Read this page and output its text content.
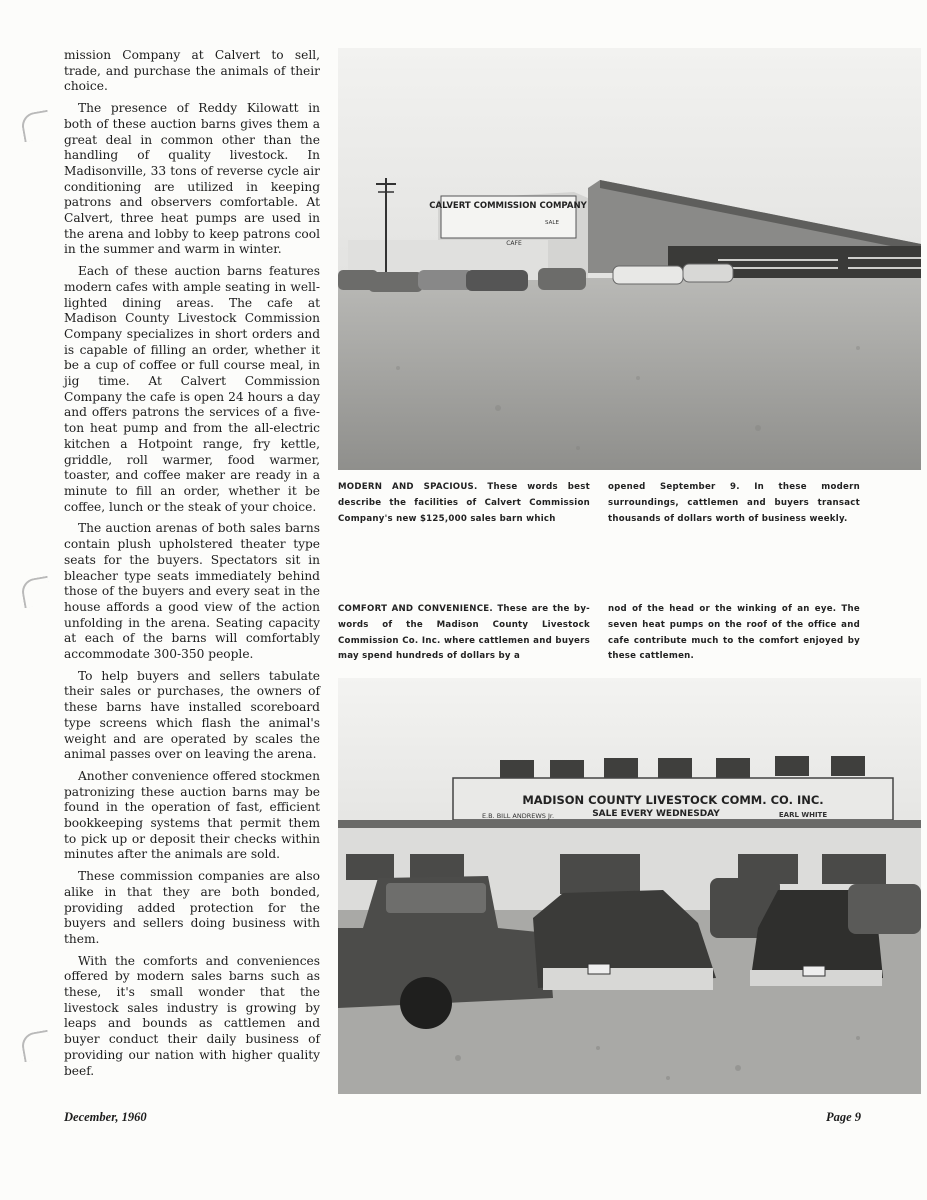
mission Company at Calvert to sell, trade, and purchase the animals of their choice.

The presence of Reddy Kilowatt in both of these auction barns gives them a great deal in common other than the handling of quality livestock. In Madisonville, 33 tons of reverse cycle air conditioning are utilized in keeping patrons and observers comfortable. At Calvert, three heat pumps are used in the arena and lobby to keep patrons cool in the summer and warm in winter.

Each of these auction barns features modern cafes with ample seating in well-lighted dining areas. The cafe at Madison County Livestock Commission Company specializes in short orders and is capable of filling an order, whether it be a cup of coffee or full course meal, in jig time. At Calvert Commission Company the cafe is open 24 hours a day and offers patrons the services of a five-ton heat pump and from the all-electric kitchen a Hotpoint range, fry kettle, griddle, roll warmer, food warmer, toaster, and coffee maker are ready in a minute to fill an order, whether it be coffee, lunch or the steak of your choice.

The auction arenas of both sales barns contain plush upholstered theater type seats for the buyers. Spectators sit in bleacher type seats immediately behind those of the buyers and every seat in the house affords a good view of the action unfolding in the arena. Seating capacity at each of the barns will comfortably accommodate 300-350 people.

To help buyers and sellers tabulate their sales or purchases, the owners of these barns have installed scoreboard type screens which flash the animal's weight and are operated by scales the animal passes over on leaving the arena.

Another convenience offered stockmen patronizing these auction barns may be found in the operation of fast, efficient bookkeeping systems that permit them to pick up or deposit their checks within minutes after the animals are sold.

These commission companies are also alike in that they are both bonded, providing added protection for the buyers and sellers doing business with them.

With the comforts and conveniences offered by modern sales barns such as these, it's small wonder that the livestock sales industry is growing by leaps and bounds as cattlemen and buyer conduct their daily business of providing our nation with higher quality beef.

CALVERT COMMISSION COMPANY
SALE
CAFE
MODERN AND SPACIOUS. These words best describe the facilities of Calvert Commission Company's new $125,000 sales barn which
opened September 9. In these modern surroundings, cattlemen and buyers transact thousands of dollars worth of business weekly.
COMFORT AND CONVENIENCE. These are the by-words of the Madison County Livestock Commission Co. Inc. where cattlemen and buyers may spend hundreds of dollars by a
nod of the head or the winking of an eye. The seven heat pumps on the roof of the office and cafe contribute much to the comfort enjoyed by these cattlemen.
MADISON COUNTY LIVESTOCK COMM. CO. INC.
E.B. BILL ANDREWS Jr.	SALE EVERY WEDNESDAY	EARL WHITE
December, 1960	Page 9
